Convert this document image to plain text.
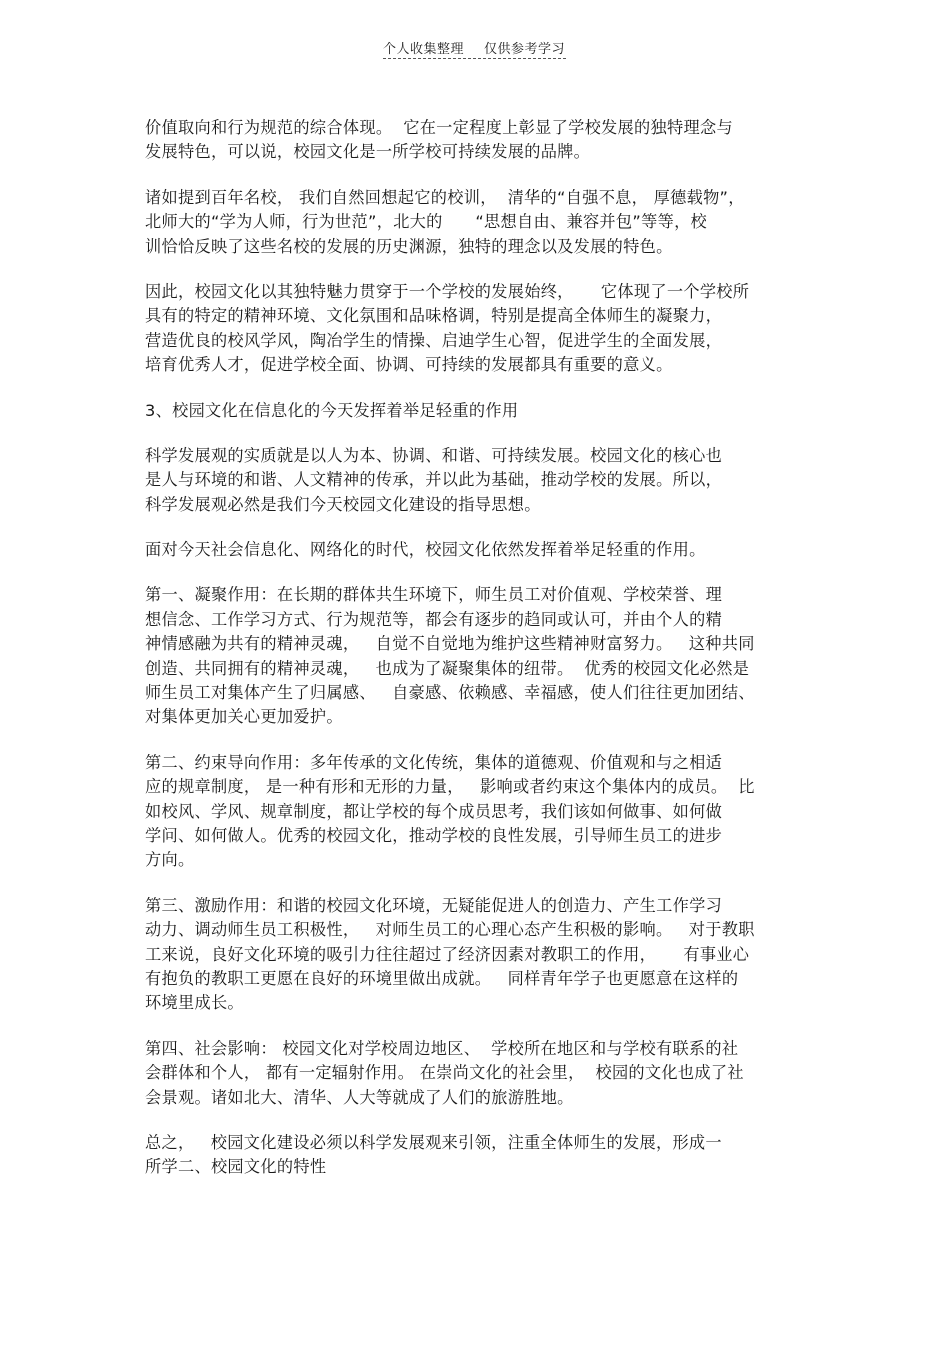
个人收集整理 仅供参考学习
价值取向和行为规范的综合体现。  它在一定程度上彰显了学校发展的独特理念与
发展特色，可以说，校园文化是一所学校可持续发展的品牌。
诸如提到百年名校， 我们自然回想起它的校训，  清华的“自强不息， 厚德载物”，
北师大的“学为人师，行为世范”，北大的      “思想自由、兼容并包”等等，校
训恰恰反映了这些名校的发展的历史渊源，独特的理念以及发展的特色。
因此，校园文化以其独特魅力贯穿于一个学校的发展始终，     它体现了一个学校所
具有的特定的精神环境、文化氛围和品味格调，特别是提高全体师生的凝聚力，
营造优良的校风学风，陶冶学生的情操、启迪学生心智，促进学生的全面发展，
培育优秀人才，促进学校全面、协调、可持续的发展都具有重要的意义。
3、校园文化在信息化的今天发挥着举足轻重的作用
科学发展观的实质就是以人为本、协调、和谐、可持续发展。校园文化的核心也
是人与环境的和谐、人文精神的传承，并以此为基础，推动学校的发展。所以，
科学发展观必然是我们今天校园文化建设的指导思想。
面对今天社会信息化、网络化的时代，校园文化依然发挥着举足轻重的作用。
第一、凝聚作用：在长期的群体共生环境下，师生员工对价值观、学校荣誉、理
想信念、工作学习方式、行为规范等，都会有逐步的趋同或认可，并由个人的精
神情感融为共有的精神灵魂，   自觉不自觉地为维护这些精神财富努力。   这种共同
创造、共同拥有的精神灵魂，   也成为了凝聚集体的纽带。  优秀的校园文化必然是
师生员工对集体产生了归属感、   自豪感、依赖感、幸福感，使人们往往更加团结、
对集体更加关心更加爱护。
第二、约束导向作用：多年传承的文化传统，集体的道德观、价值观和与之相适
应的规章制度， 是一种有形和无形的力量，   影响或者约束这个集体内的成员。  比
如校风、学风、规章制度，都让学校的每个成员思考，我们该如何做事、如何做
学问、如何做人。优秀的校园文化，推动学校的良性发展，引导师生员工的进步
方向。
第三、激励作用：和谐的校园文化环境，无疑能促进人的创造力、产生工作学习
动力、调动师生员工积极性，   对师生员工的心理心态产生积极的影响。   对于教职
工来说，良好文化环境的吸引力往往超过了经济因素对教职工的作用，     有事业心
有抱负的教职工更愿在良好的环境里做出成就。   同样青年学子也更愿意在这样的
环境里成长。
第四、社会影响： 校园文化对学校周边地区、  学校所在地区和与学校有联系的社
会群体和个人， 都有一定辐射作用。 在崇尚文化的社会里，  校园的文化也成了社
会景观。诸如北大、清华、人大等就成了人们的旅游胜地。
总之，   校园文化建设必须以科学发展观来引领，注重全体师生的发展，形成一
所学二、校园文化的特性
